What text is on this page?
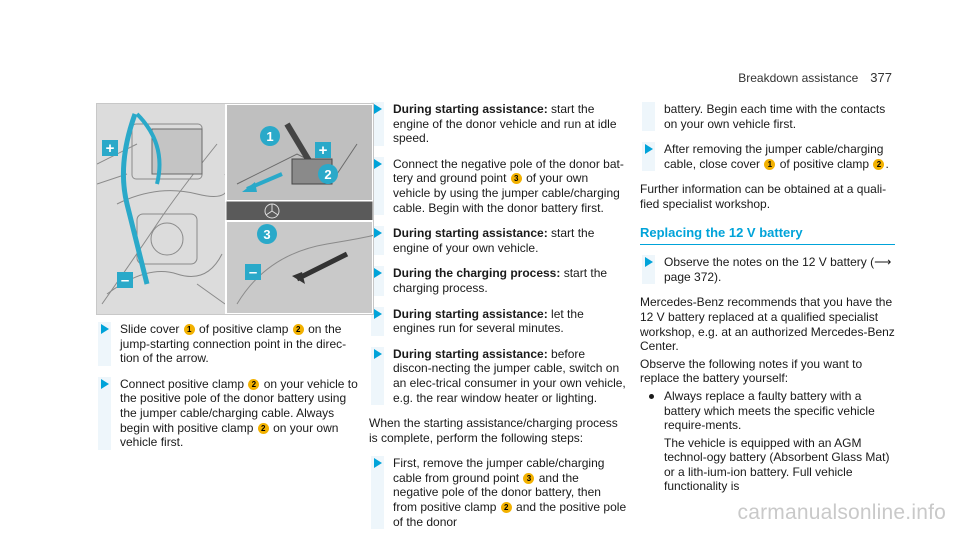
Breakdown assistance 377
+
–
1
+
2
3
–
Slide cover 1 of positive clamp 2 on the jump-starting connection point in the direc-tion of the arrow.
Connect positive clamp 2 on your vehicle to the positive pole of the donor battery using the jumper cable/charging cable. Always begin with positive clamp 2 on your own vehicle first.
During starting assistance: start the engine of the donor vehicle and run at idle speed.
Connect the negative pole of the donor bat-tery and ground point 3 of your own vehicle by using the jumper cable/charging cable. Begin with the donor battery first.
During starting assistance: start the engine of your own vehicle.
During the charging process: start the charging process.
During starting assistance: let the engines run for several minutes.
During starting assistance: before discon-necting the jumper cable, switch on an elec-trical consumer in your own vehicle, e.g. the rear window heater or lighting.

When the starting assistance/charging process is complete, perform the following steps:

First, remove the jumper cable/charging cable from ground point 3 and the negative pole of the donor battery, then from positive clamp 2 and the positive pole of the donor
battery. Begin each time with the contacts on your own vehicle first.
After removing the jumper cable/charging cable, close cover 1 of positive clamp 2 .

Further information can be obtained at a quali-fied specialist workshop.

Replacing the 12 V battery
Observe the notes on the 12 V battery (⟶ page 372).

Mercedes-Benz recommends that you have the 12 V battery replaced at a qualified specialist workshop, e.g. at an authorized Mercedes-Benz Center.

Observe the following notes if you want to replace the battery yourself:

Always replace a faulty battery with a battery which meets the specific vehicle require-ments.

The vehicle is equipped with an AGM technol-ogy battery (Absorbent Glass Mat) or a lith-ium-ion battery. Full vehicle functionality is

carmanualsonline.info
